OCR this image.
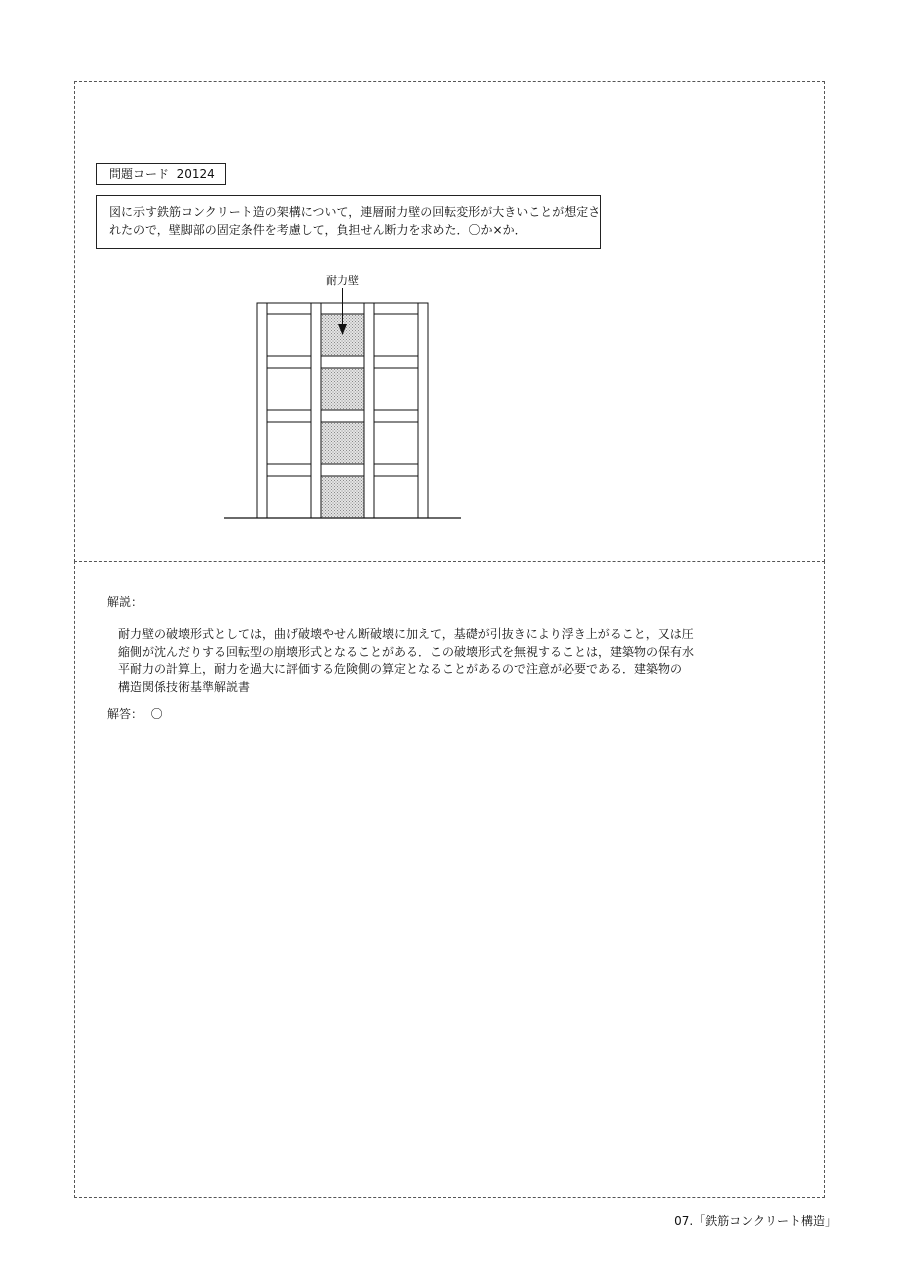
問題コード  20124
図に示す鉄筋コンクリート造の架構について，連層耐力壁の回転変形が大きいことが想定さ
れたので，壁脚部の固定条件を考慮して，負担せん断力を求めた．〇か×か．
耐力壁
解説：
耐力壁の破壊形式としては，曲げ破壊やせん断破壊に加えて，基礎が引抜きにより浮き上がること，又は圧
縮側が沈んだりする回転型の崩壊形式となることがある．この破壊形式を無視することは，建築物の保有水
平耐力の計算上，耐力を過大に評価する危険側の算定となることがあるので注意が必要である．建築物の
構造関係技術基準解説書
解答：  〇
07.「鉄筋コンクリート構造」
